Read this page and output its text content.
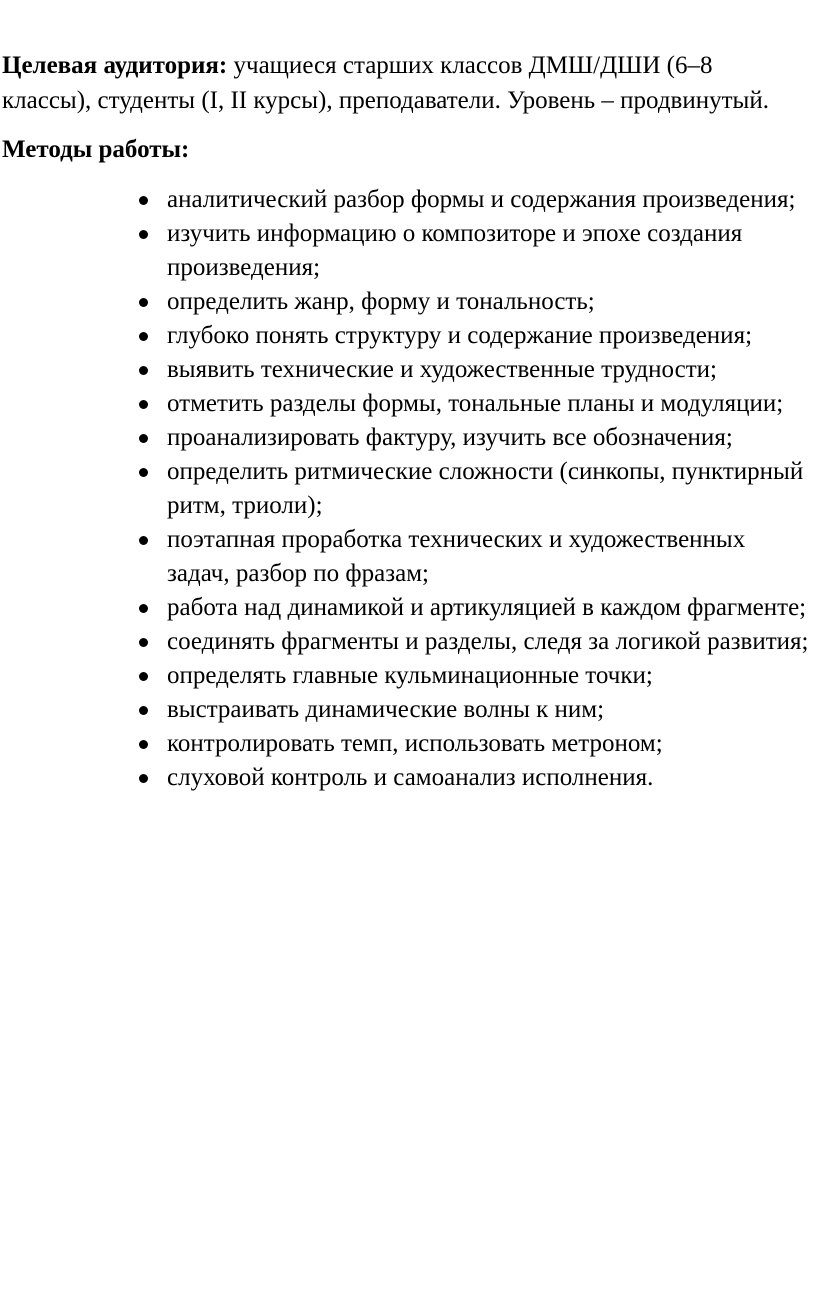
Целевая аудитория: учащиеся старших классов ДМШ/ДШИ (6–8 классы), студенты (I, II курсы), преподаватели. Уровень – продвинутый.

Методы работы:

аналитический разбор формы и содержания произведения;
изучить информацию о композиторе и эпохе создания произведения;
определить жанр, форму и тональность;
глубоко понять структуру и содержание произведения;
выявить технические и художественные трудности;
отметить разделы формы, тональные планы и модуляции;
проанализировать фактуру, изучить все обозначения;
определить ритмические сложности (синкопы, пунктирный ритм, триоли);
поэтапная проработка технических и художественных задач, разбор по фразам;
работа над динамикой и артикуляцией в каждом фрагменте;
соединять фрагменты и разделы, следя за логикой развития;
определять главные кульминационные точки;
выстраивать динамические волны к ним;
контролировать темп, использовать метроном;
слуховой контроль и самоанализ исполнения.
